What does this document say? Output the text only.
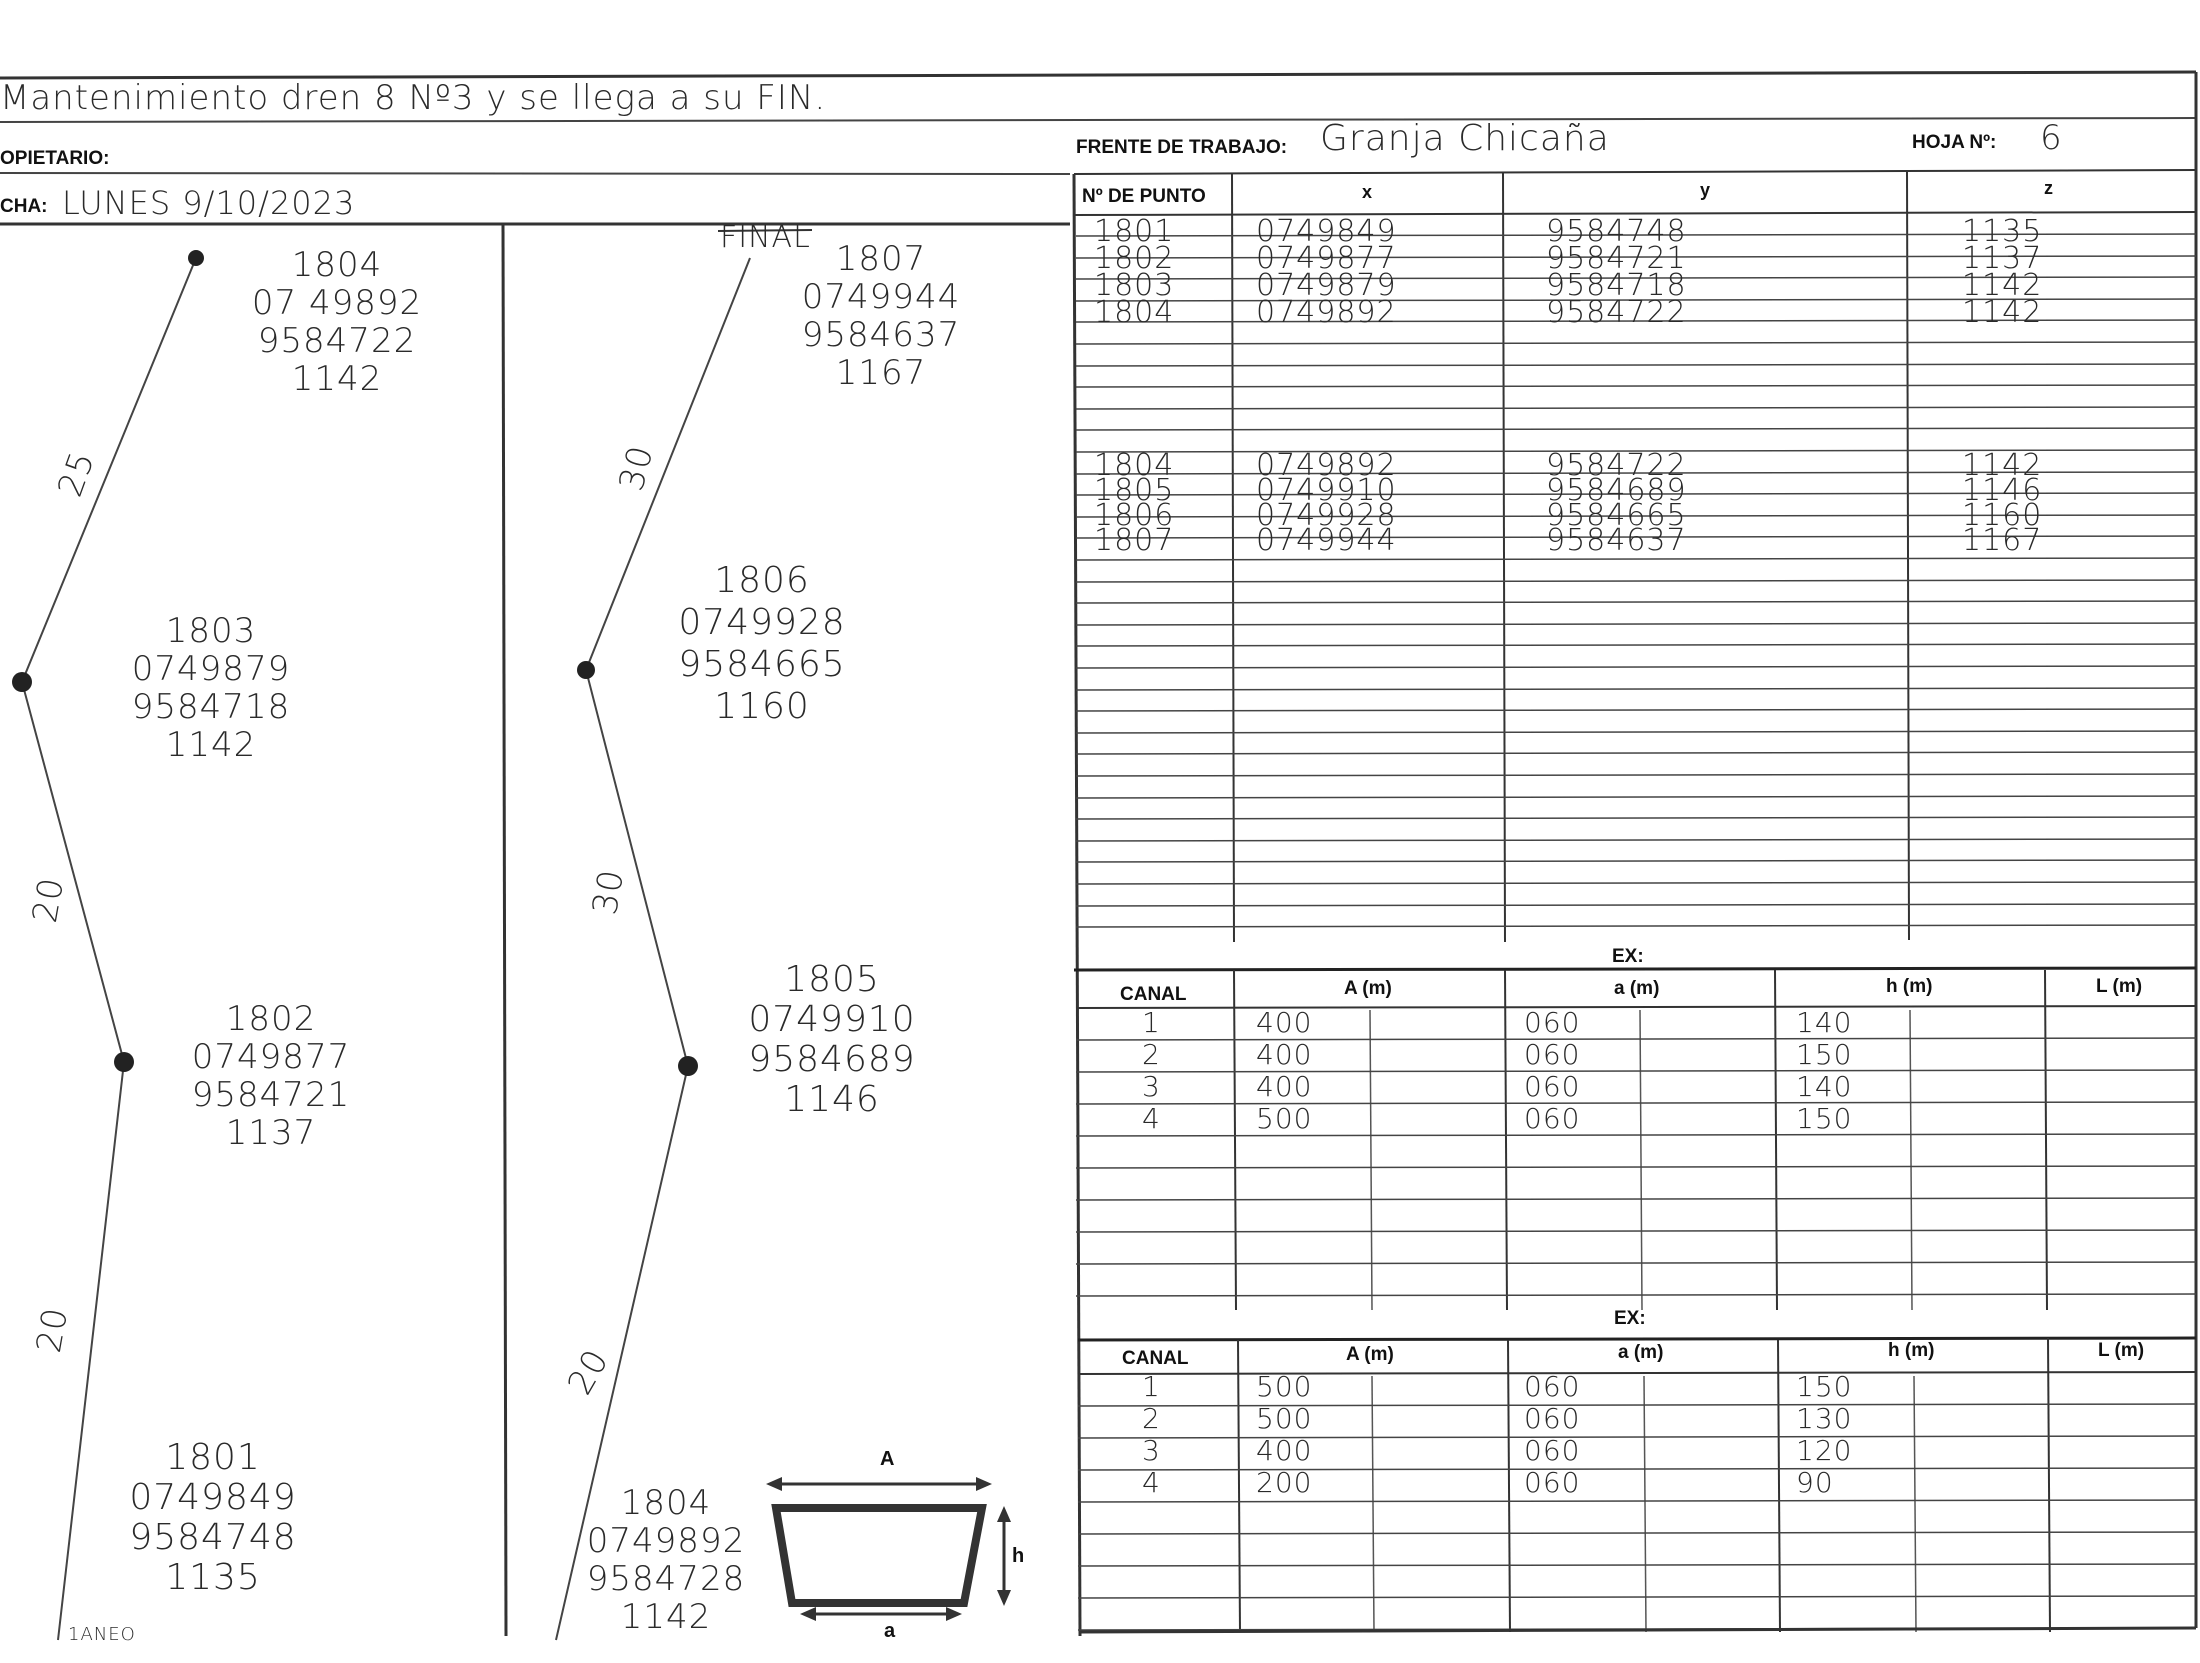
Mantenimiento dren 8 Nº3 y se llega a su FIN.
OPIETARIO:
CHA: LUNES 9/10/2023
FRENTE DE TRABAJO: Granja Chicaña	HOJA Nº: 6
FINAL
1804
07 49892
9584722
1142
1803
0749879
9584718
1142
1802
0749877
9584721
1137
1801
0749849
9584748
1135
25
20
20
1ANEO
1807
0749944
9584637
1167
1806
0749928
9584665
1160
1805
0749910
9584689
1146
1804
0749892
9584728
1142
30
30
20
A
h
a
Nº DE PUNTO	x	y	z
1801	0749849	9584748	1135
1802	0749877	9584721	1137
1803	0749879	9584718	1142
1804	0749892	9584722	1142
1804	0749892	9584722	1142
1805	0749910	9584689	1146
1806	0749928	9584665	1160
1807	0749944	9584637	1167
EX:
CANAL	A (m)	a (m)	h (m)	L (m)
1	400	060	140
2	400	060	150
3	400	060	140
4	500	060	150
EX:
CANAL	A (m)	a (m)	h (m)	L (m)
1	500	060	150
2	500	060	130
3	400	060	120
4	200	060	90
